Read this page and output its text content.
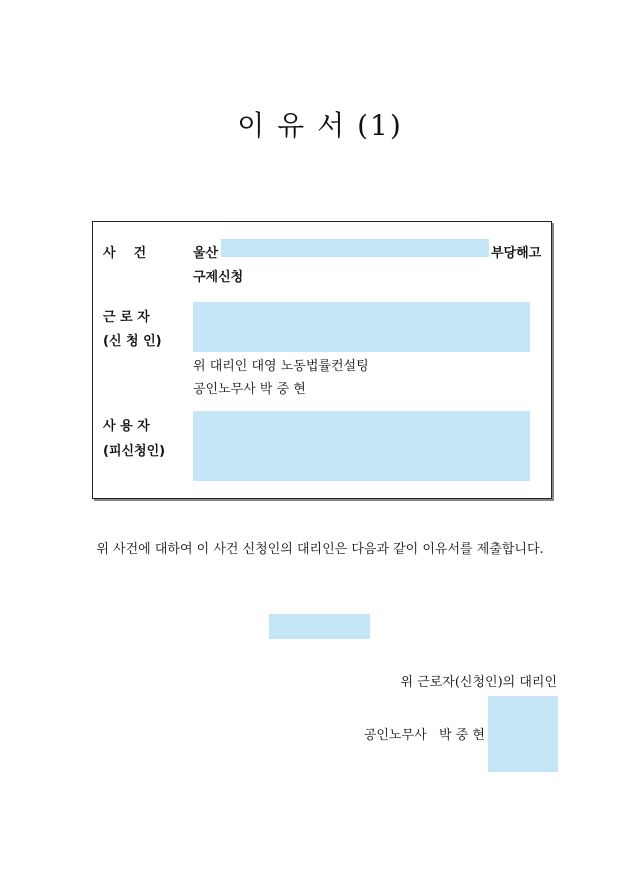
이 유 서 (1)
사    건	울산	부당해고
구제신청
근 로 자
(신 청 인)
위 대리인 대영 노동법률컨설팅
공인노무사 박 중 현
사 용 자
(피신청인)
위 사건에 대하여 이 사건 신청인의 대리인은 다음과 같이 이유서를 제출합니다.
위 근로자(신청인)의 대리인
공인노무사   박 중 현
